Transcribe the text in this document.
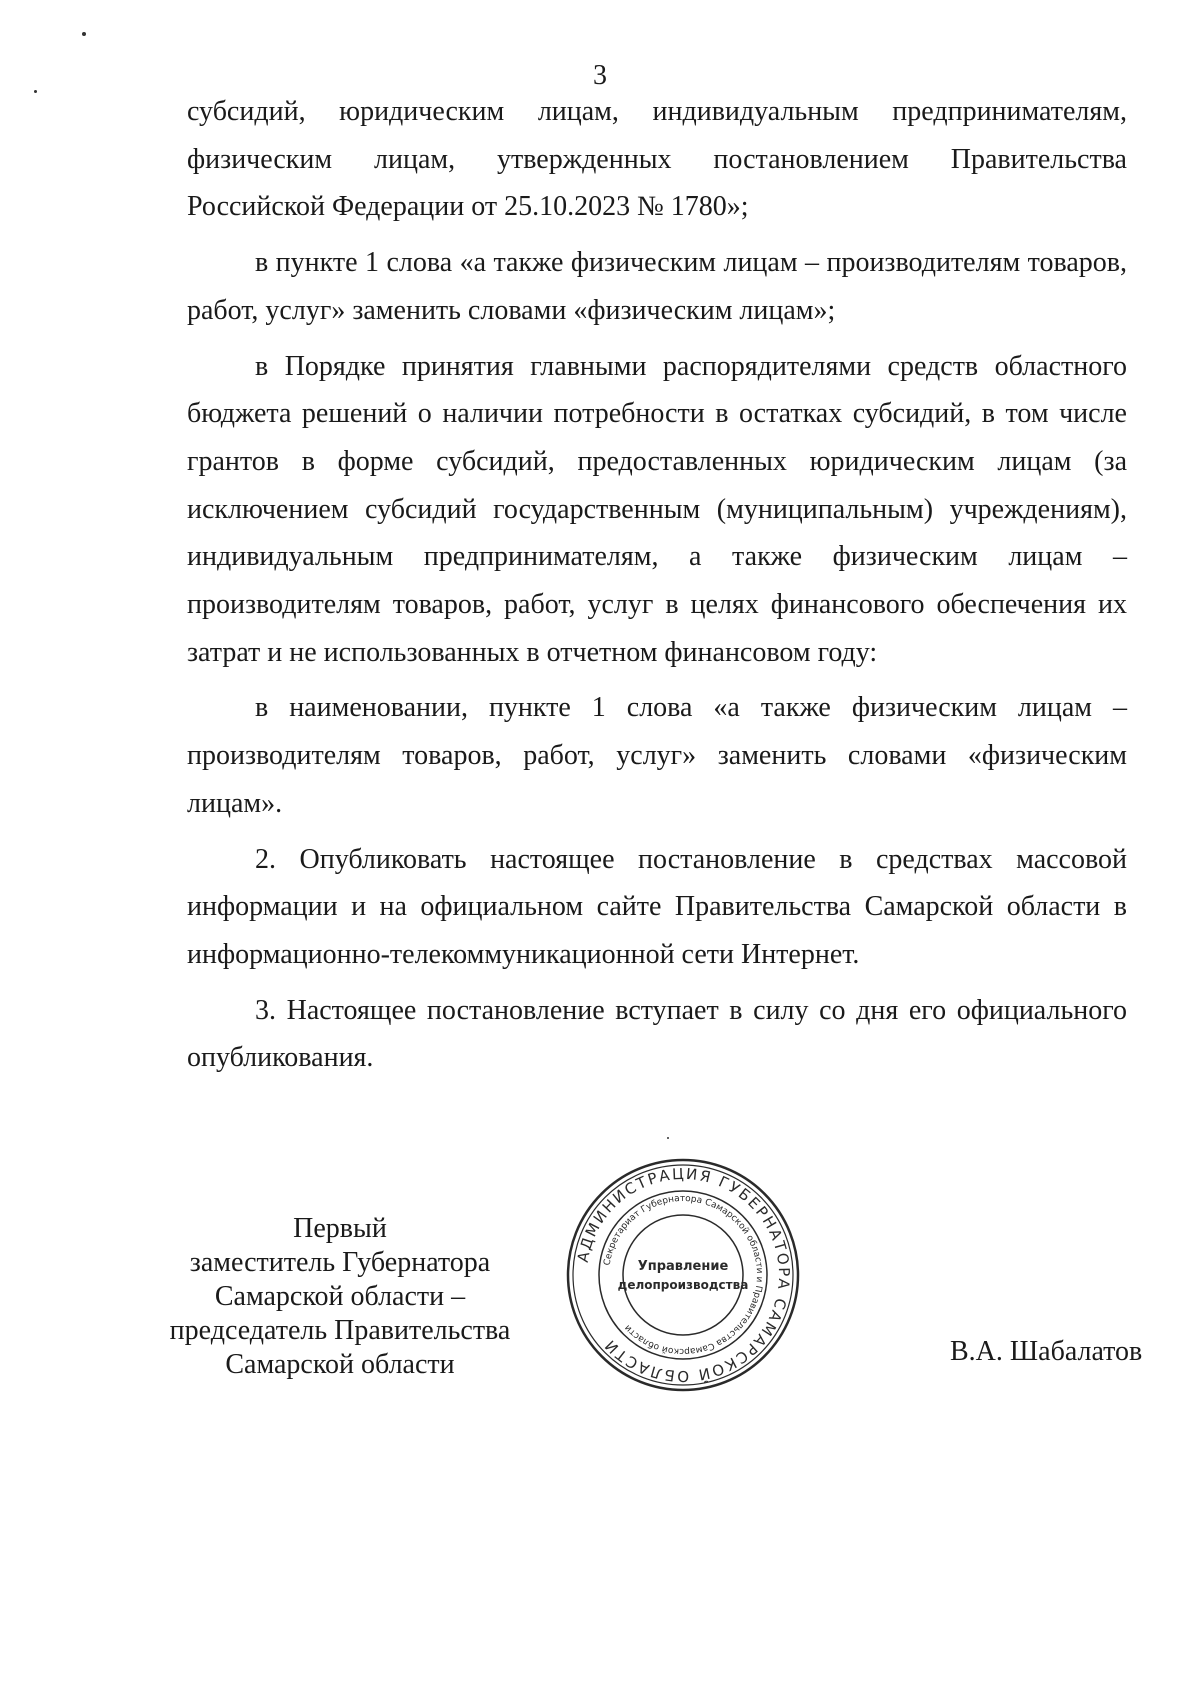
3

субсидий, юридическим лицам, индивидуальным предпринимателям, физическим лицам, утвержденных постановлением Правительства Российской Федерации от 25.10.2023 № 1780»;

в пункте 1 слова «а также физическим лицам – производителям товаров, работ, услуг» заменить словами «физическим лицам»;

в Порядке принятия главными распорядителями средств областного бюджета решений о наличии потребности в остатках субсидий, в том числе грантов в форме субсидий, предоставленных юридическим лицам (за исключением субсидий государственным (муниципальным) учреждениям), индивидуальным предпринимателям, а также физическим лицам – производителям товаров, работ, услуг в целях финансового обеспечения их затрат и не использованных в отчетном финансовом году:

в наименовании, пункте 1 слова «а также физическим лицам – производителям товаров, работ, услуг» заменить словами «физическим лицам».

2. Опубликовать настоящее постановление в средствах массовой информации и на официальном сайте Правительства Самарской области в информационно-телекоммуникационной сети Интернет.

3. Настоящее постановление вступает в силу со дня его официального опубликования.

Первый
заместитель Губернатора
Самарской области –
председатель Правительства
Самарской области
АДМИНИСТРАЦИЯ ГУБЕРНАТОРА САМАРСКОЙ ОБЛАСТИ
Секретариат Губернатора Самарской области и Правительства Самарской области
Управление
делопроизводства
В.А. Шабалатов
